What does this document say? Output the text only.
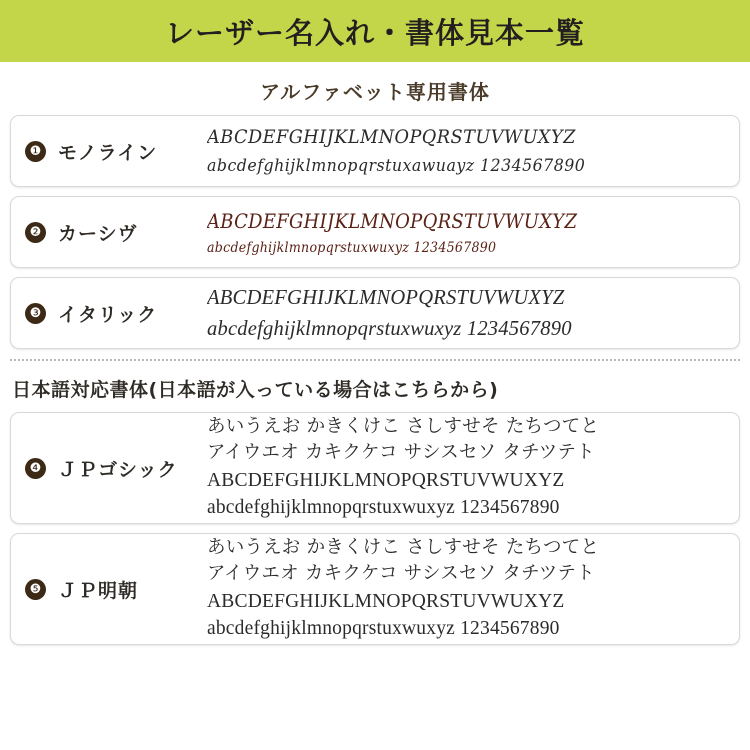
レーザー名入れ・書体見本一覧
アルファベット専用書体
❶ モノライン
ABCDEFGHIJKLMNOPQRSTUVWUXYZ
abcdefghijklmnopqrstuxawuayz 1234567890
❷ カーシヴ
ABCDEFGHIJKLMNOPQRSTUVWUXYZ
abcdefghijklmnopqrstuxwuxyz 1234567890
❸ イタリック
ABCDEFGHIJKLMNOPQRSTUVWUXYZ
abcdefghijklmnopqrstuxwuxyz 1234567890
日本語対応書体(日本語が入っている場合はこちらから)
❹ ＪＰゴシック
あいうえお かきくけこ さしすせそ たちつてと
アイウエオ カキクケコ サシスセソ タチツテト
ABCDEFGHIJKLMNOPQRSTUVWUXYZ
abcdefghijklmnopqrstuxwuxyz 1234567890
❺ ＪＰ明朝
あいうえお かきくけこ さしすせそ たちつてと
アイウエオ カキクケコ サシスセソ タチツテト
ABCDEFGHIJKLMNOPQRSTUVWUXYZ
abcdefghijklmnopqrstuxwuxyz 1234567890
